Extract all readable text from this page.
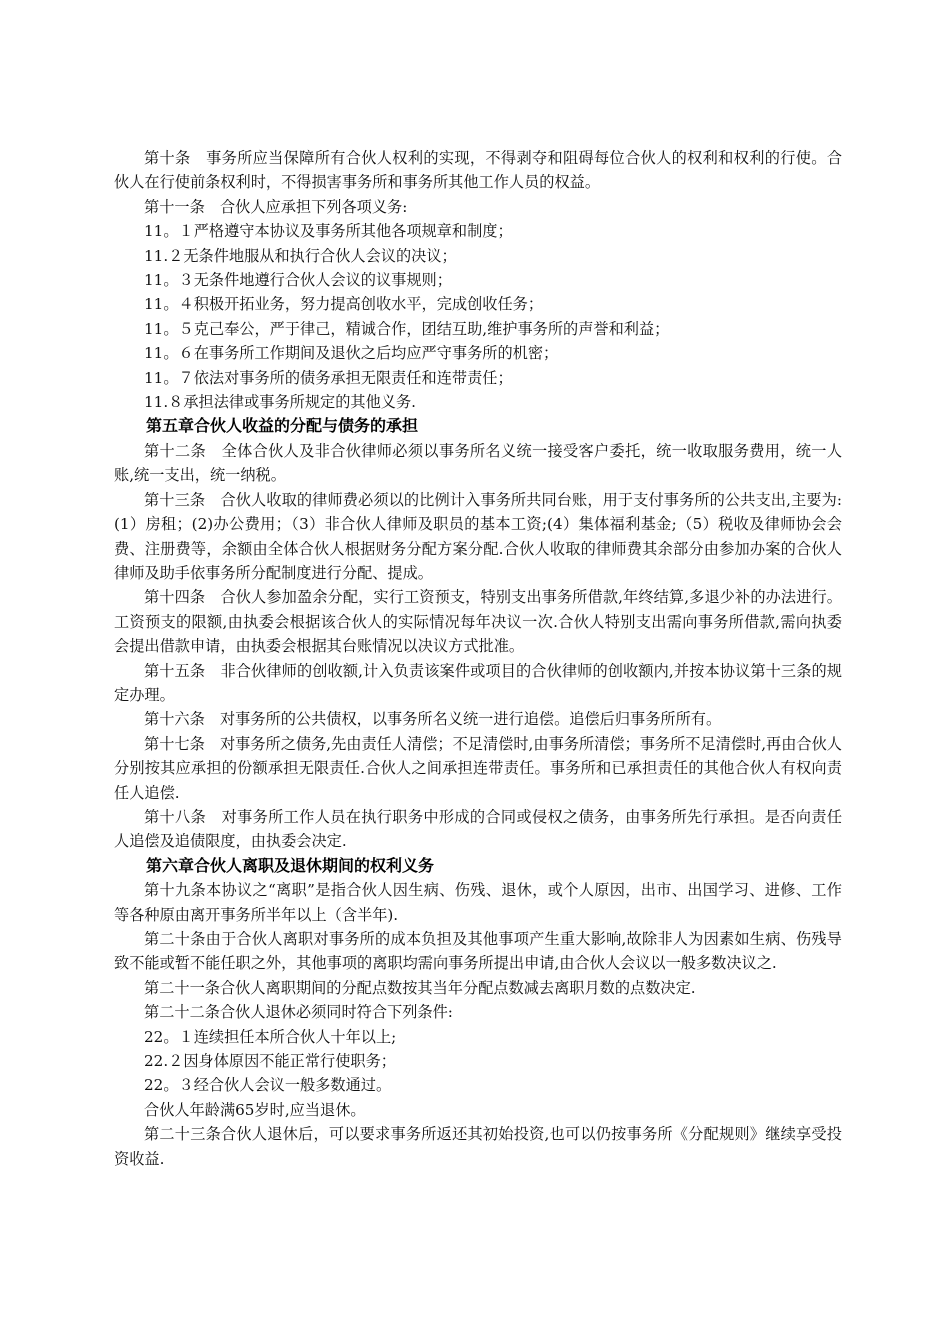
第十条　事务所应当保障所有合伙人权利的实现，不得剥夺和阻碍每位合伙人的权利和权利的行使。合伙人在行使前条权利时，不得损害事务所和事务所其他工作人员的权益。

第十一条　合伙人应承担下列各项义务:

11。１严格遵守本协议及事务所其他各项规章和制度；

11.２无条件地服从和执行合伙人会议的决议；

11。３无条件地遵行合伙人会议的议事规则；

11。４积极开拓业务，努力提高创收水平，完成创收任务；

11。５克己奉公，严于律己，精诚合作，团结互助,维护事务所的声誉和利益；

11。６在事务所工作期间及退伙之后均应严守事务所的机密；

11。７依法对事务所的债务承担无限责任和连带责任；

11.８承担法律或事务所规定的其他义务.

第五章合伙人收益的分配与债务的承担

第十二条　全体合伙人及非合伙律师必须以事务所名义统一接受客户委托，统一收取服务费用，统一人账,统一支出，统一纳税。

第十三条　合伙人收取的律师费必须以的比例计入事务所共同台账，用于支付事务所的公共支出,主要为:(1）房租；(2)办公费用；（3）非合伙人律师及职员的基本工资;(4）集体福利基金;（5）税收及律师协会会费、注册费等，余额由全体合伙人根据财务分配方案分配.合伙人收取的律师费其余部分由参加办案的合伙人律师及助手依事务所分配制度进行分配、提成。

第十四条　合伙人参加盈余分配，实行工资预支，特别支出事务所借款,年终结算,多退少补的办法进行。工资预支的限额,由执委会根据该合伙人的实际情况每年决议一次.合伙人特别支出需向事务所借款,需向执委会提出借款申请，由执委会根据其台账情况以决议方式批准。

第十五条　非合伙律师的创收额,计入负责该案件或项目的合伙律师的创收额内,并按本协议第十三条的规定办理。

第十六条　对事务所的公共债权，以事务所名义统一进行追偿。追偿后归事务所所有。

第十七条　对事务所之债务,先由责任人清偿；不足清偿时,由事务所清偿；事务所不足清偿时,再由合伙人分别按其应承担的份额承担无限责任.合伙人之间承担连带责任。事务所和已承担责任的其他合伙人有权向责任人追偿.

第十八条　对事务所工作人员在执行职务中形成的合同或侵权之债务，由事务所先行承担。是否向责任人追偿及追债限度，由执委会决定.

第六章合伙人离职及退休期间的权利义务

第十九条本协议之“离职”是指合伙人因生病、伤残、退休，或个人原因，出市、出国学习、进修、工作等各种原由离开事务所半年以上（含半年).

第二十条由于合伙人离职对事务所的成本负担及其他事项产生重大影响,故除非人为因素如生病、伤残导致不能或暂不能任职之外，其他事项的离职均需向事务所提出申请,由合伙人会议以一般多数决议之.

第二十一条合伙人离职期间的分配点数按其当年分配点数减去离职月数的点数决定.

第二十二条合伙人退休必须同时符合下列条件:

22。１连续担任本所合伙人十年以上;

22.２因身体原因不能正常行使职务；

22。３经合伙人会议一般多数通过。

合伙人年龄满65岁时,应当退休。

第二十三条合伙人退休后，可以要求事务所返还其初始投资,也可以仍按事务所《分配规则》继续享受投资收益.
